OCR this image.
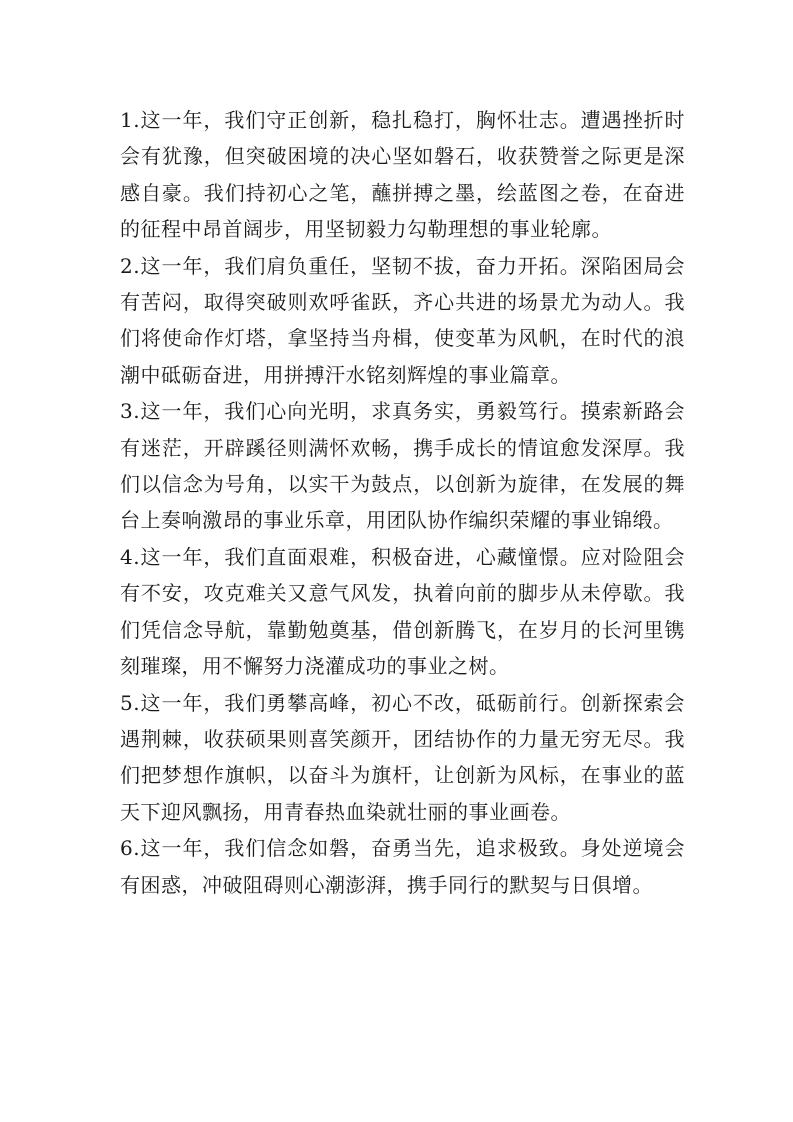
1.这一年，我们守正创新，稳扎稳打，胸怀壮志。遭遇挫折时会有犹豫，但突破困境的决心坚如磐石，收获赞誉之际更是深感自豪。我们持初心之笔，蘸拼搏之墨，绘蓝图之卷，在奋进的征程中昂首阔步，用坚韧毅力勾勒理想的事业轮廓。

2.这一年，我们肩负重任，坚韧不拔，奋力开拓。深陷困局会有苦闷，取得突破则欢呼雀跃，齐心共进的场景尤为动人。我们将使命作灯塔，拿坚持当舟楫，使变革为风帆，在时代的浪潮中砥砺奋进，用拼搏汗水铭刻辉煌的事业篇章。

3.这一年，我们心向光明，求真务实，勇毅笃行。摸索新路会有迷茫，开辟蹊径则满怀欢畅，携手成长的情谊愈发深厚。我们以信念为号角，以实干为鼓点，以创新为旋律，在发展的舞台上奏响激昂的事业乐章，用团队协作编织荣耀的事业锦缎。

4.这一年，我们直面艰难，积极奋进，心藏憧憬。应对险阻会有不安，攻克难关又意气风发，执着向前的脚步从未停歇。我们凭信念导航，靠勤勉奠基，借创新腾飞，在岁月的长河里镌刻璀璨，用不懈努力浇灌成功的事业之树。

5.这一年，我们勇攀高峰，初心不改，砥砺前行。创新探索会遇荆棘，收获硕果则喜笑颜开，团结协作的力量无穷无尽。我们把梦想作旗帜，以奋斗为旗杆，让创新为风标，在事业的蓝天下迎风飘扬，用青春热血染就壮丽的事业画卷。

6.这一年，我们信念如磐，奋勇当先，追求极致。身处逆境会有困惑，冲破阻碍则心潮澎湃，携手同行的默契与日俱增。
